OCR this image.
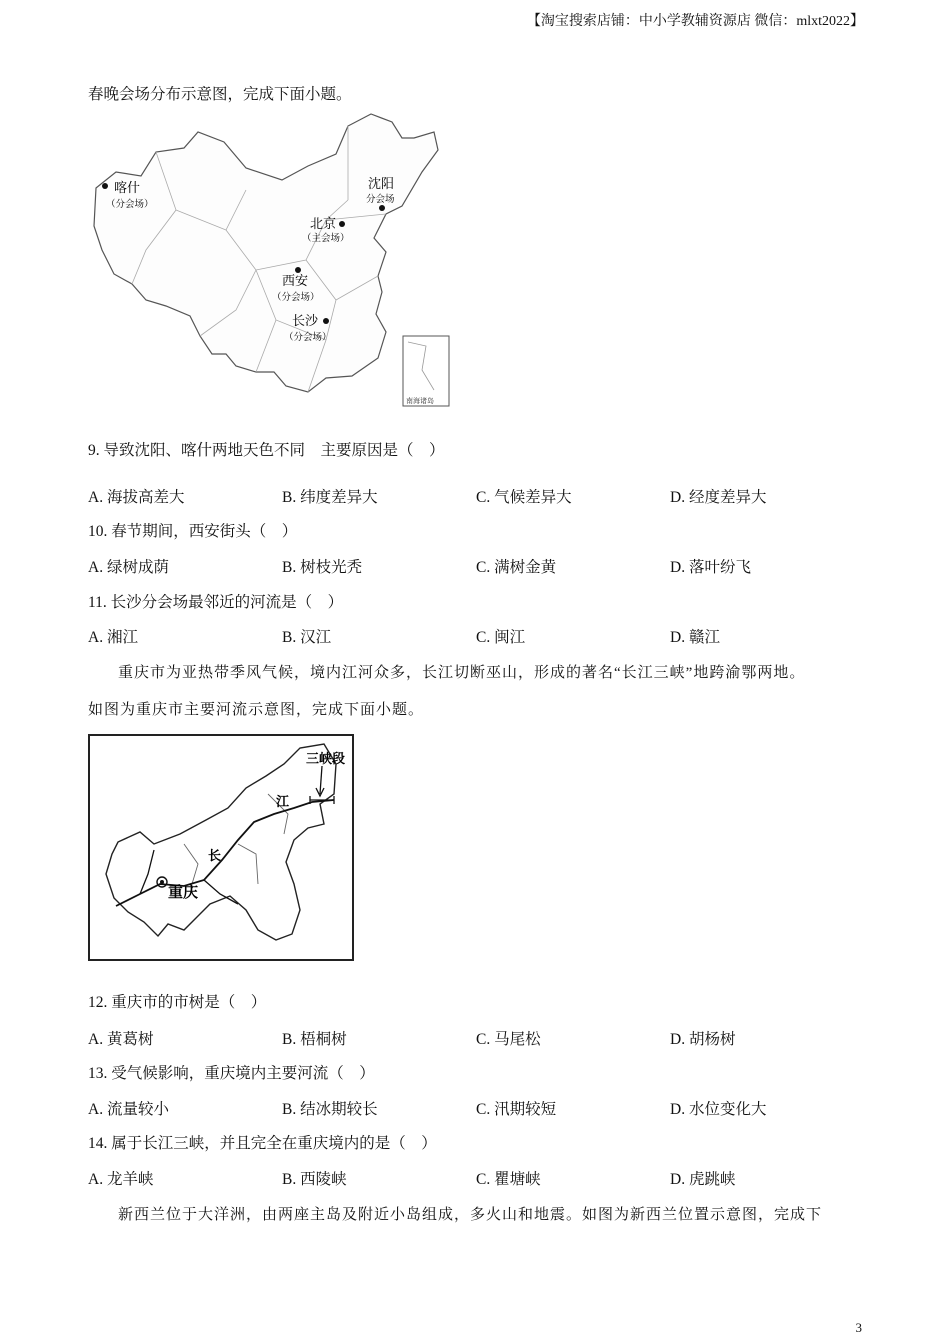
【淘宝搜索店铺：中小学教辅资源店 微信：mlxt2022】
春晚会场分布示意图，完成下面小题。
南海诸岛
喀什
（分会场）
沈阳
分会场
北京
（主会场）
西安
（分会场）
长沙
（分会场）
9. 导致沈阳、喀什两地天色不同　主要原因是（　）
A. 海拔高差大	B. 纬度差异大	C. 气候差异大	D. 经度差异大
10. 春节期间，西安街头（　）
A. 绿树成荫	B. 树枝光秃	C. 满树金黄	D. 落叶纷飞
11. 长沙分会场最邻近的河流是（　）
A. 湘江	B. 汉江	C. 闽江	D. 赣江
重庆市为亚热带季风气候，境内江河众多，长江切断巫山，形成的著名“长江三峡”地跨渝鄂两地。
如图为重庆市主要河流示意图，完成下面小题。
三峡段
江
长
重庆
12. 重庆市的市树是（　）
A. 黄葛树	B. 梧桐树	C. 马尾松	D. 胡杨树
13. 受气候影响，重庆境内主要河流（　）
A. 流量较小	B. 结冰期较长	C. 汛期较短	D. 水位变化大
14. 属于长江三峡，并且完全在重庆境内的是（　）
A. 龙羊峡	B. 西陵峡	C. 瞿塘峡	D. 虎跳峡
新西兰位于大洋洲，由两座主岛及附近小岛组成，多火山和地震。如图为新西兰位置示意图，完成下
3
